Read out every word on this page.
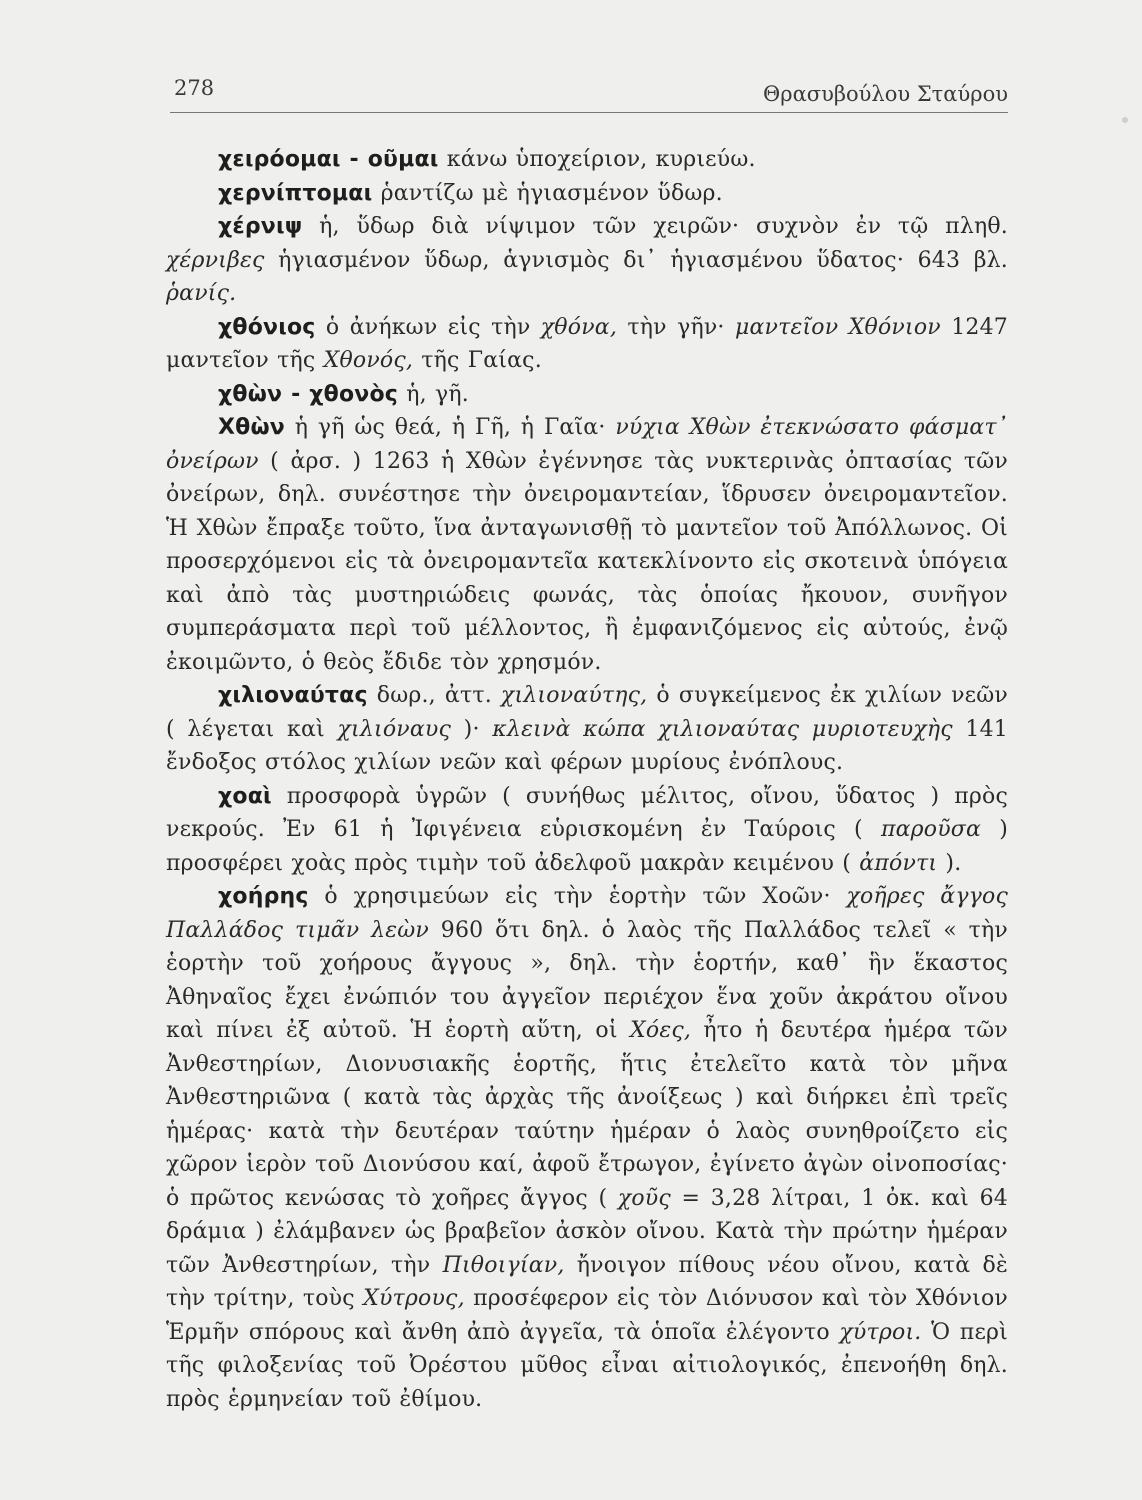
278	Θρασυβούλου Σταύρου

χειρόομαι - οῦμαι κάνω ὑποχείριον, κυριεύω.

χερνίπτομαι ῥαντίζω μὲ ἡγιασμένον ὕδωρ.

χέρνιψ ἡ, ὕδωρ διὰ νίψιμον τῶν χειρῶν· συχνὸν ἐν τῷ πληθ. χέρνιβες ἡγιασμένον ὕδωρ, ἁγνισμὸς δι᾽ ἡγιασμένου ὕδατος· 643 βλ. ῥανίς.

χθόνιος ὁ ἀνήκων εἰς τὴν χθόνα, τὴν γῆν· μαντεῖον Χθόνιον 1247 μαντεῖον τῆς Χθονός, τῆς Γαίας.

χθὼν - χθονὸς ἡ, γῆ.

Χθὼν ἡ γῆ ὡς θεά, ἡ Γῆ, ἡ Γαῖα· νύχια Χθὼν ἐτεκνώσατο φάσματ᾽ ὀνείρων ( ἀρσ. ) 1263 ἡ Χθὼν ἐγέννησε τὰς νυκτερινὰς ὀπτασίας τῶν ὀνείρων, δηλ. συνέστησε τὴν ὀνειρομαντείαν, ἵδρυσεν ὀνειρομαντεῖον. Ἡ Χθὼν ἔπραξε τοῦτο, ἵνα ἀνταγωνισθῇ τὸ μαντεῖον τοῦ Ἀπόλλωνος. Οἱ προσερχόμενοι εἰς τὰ ὀνειρομαντεῖα κατεκλίνοντο εἰς σκοτεινὰ ὑπόγεια καὶ ἀπὸ τὰς μυστηριώδεις φωνάς, τὰς ὁποίας ἤκουον, συνῆγον συμπεράσματα περὶ τοῦ μέλλοντος, ἢ ἐμφανιζόμενος εἰς αὐτούς, ἐνῷ ἐκοιμῶντο, ὁ θεὸς ἔδιδε τὸν χρησμόν.

χιλιοναύτας δωρ., ἀττ. χιλιοναύτης, ὁ συγκείμενος ἐκ χιλίων νεῶν ( λέγεται καὶ χιλιόναυς )· κλεινὰ κώπα χιλιοναύτας μυριοτευχὴς 141 ἔνδοξος στόλος χιλίων νεῶν καὶ φέρων μυρίους ἐνόπλους.

χοαὶ προσφορὰ ὑγρῶν ( συνήθως μέλιτος, οἴνου, ὕδατος ) πρὸς νεκρούς. Ἐν 61 ἡ Ἰφιγένεια εὑρισκομένη ἐν Ταύροις ( παροῦσα ) προσφέρει χοὰς πρὸς τιμὴν τοῦ ἀδελφοῦ μακρὰν κειμένου ( ἀπόντι ).

χοήρης ὁ χρησιμεύων εἰς τὴν ἑορτὴν τῶν Χοῶν· χοῆρες ἄγγος Παλλάδος τιμᾶν λεὼν 960 ὅτι δηλ. ὁ λαὸς τῆς Παλλάδος τελεῖ « τὴν ἑορτὴν τοῦ χοήρους ἄγγους », δηλ. τὴν ἑορτήν, καθ᾽ ἣν ἕκαστος Ἀθηναῖος ἔχει ἐνώπιόν του ἀγγεῖον περιέχον ἕνα χοῦν ἀκράτου οἴνου καὶ πίνει ἐξ αὐτοῦ. Ἡ ἑορτὴ αὕτη, οἱ Χόες, ἦτο ἡ δευτέρα ἡμέρα τῶν Ἀνθεστηρίων, Διονυσιακῆς ἑορτῆς, ἥτις ἐτελεῖτο κατὰ τὸν μῆνα Ἀνθεστηριῶνα ( κατὰ τὰς ἀρχὰς τῆς ἀνοίξεως ) καὶ διήρκει ἐπὶ τρεῖς ἡμέρας· κατὰ τὴν δευτέραν ταύτην ἡμέραν ὁ λαὸς συνηθροίζετο εἰς χῶρον ἱερὸν τοῦ Διονύσου καί, ἀφοῦ ἔτρωγον, ἐγίνετο ἀγὼν οἰνοποσίας· ὁ πρῶτος κενώσας τὸ χοῆρες ἄγγος ( χοῦς = 3,28 λίτραι, 1 ὀκ. καὶ 64 δράμια ) ἐλάμβανεν ὡς βραβεῖον ἀσκὸν οἴνου. Κατὰ τὴν πρώτην ἡμέραν τῶν Ἀνθεστηρίων, τὴν Πιθοιγίαν, ἤνοιγον πίθους νέου οἴνου, κατὰ δὲ τὴν τρίτην, τοὺς Χύτρους, προσέφερον εἰς τὸν Διόνυσον καὶ τὸν Χθόνιον Ἑρμῆν σπόρους καὶ ἄνθη ἀπὸ ἀγγεῖα, τὰ ὁποῖα ἐλέγοντο χύτροι. Ὁ περὶ τῆς φιλοξενίας τοῦ Ὀρέστου μῦθος εἶναι αἰτιολογικός, ἐπενοήθη δηλ. πρὸς ἑρμηνείαν τοῦ ἐθίμου.
